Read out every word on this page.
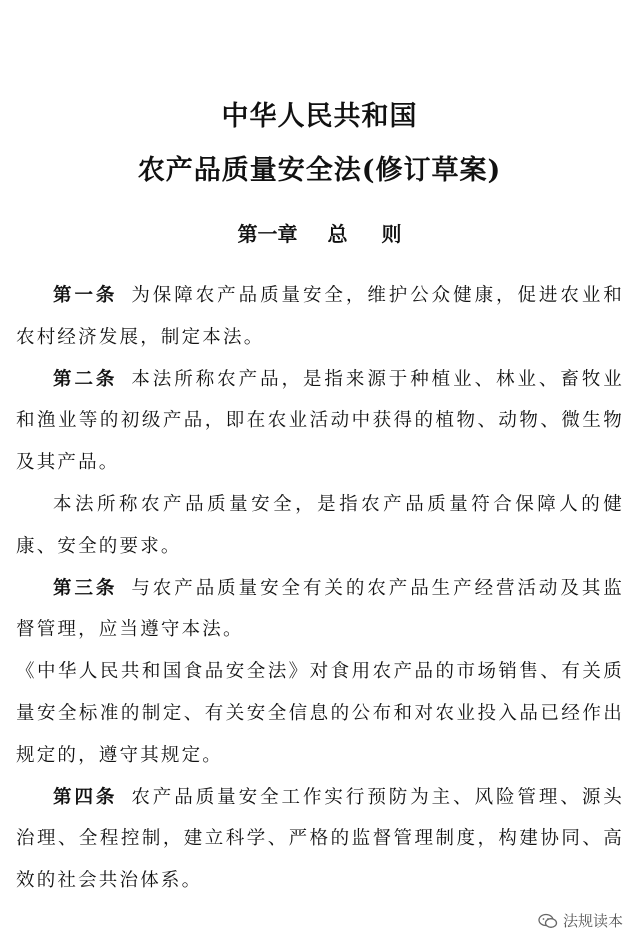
中华人民共和国
农产品质量安全法(修订草案)
第一章 总 则

第一条 为保障农产品质量安全，维护公众健康，促进农业和农村经济发展，制定本法。

第二条 本法所称农产品，是指来源于种植业、林业、畜牧业和渔业等的初级产品，即在农业活动中获得的植物、动物、微生物及其产品。

本法所称农产品质量安全，是指农产品质量符合保障人的健康、安全的要求。

第三条 与农产品质量安全有关的农产品生产经营活动及其监督管理，应当遵守本法。

《中华人民共和国食品安全法》对食用农产品的市场销售、有关质量安全标准的制定、有关安全信息的公布和对农业投入品已经作出规定的，遵守其规定。

第四条 农产品质量安全工作实行预防为主、风险管理、源头治理、全程控制，建立科学、严格的监督管理制度，构建协同、高效的社会共治体系。

法规读本
